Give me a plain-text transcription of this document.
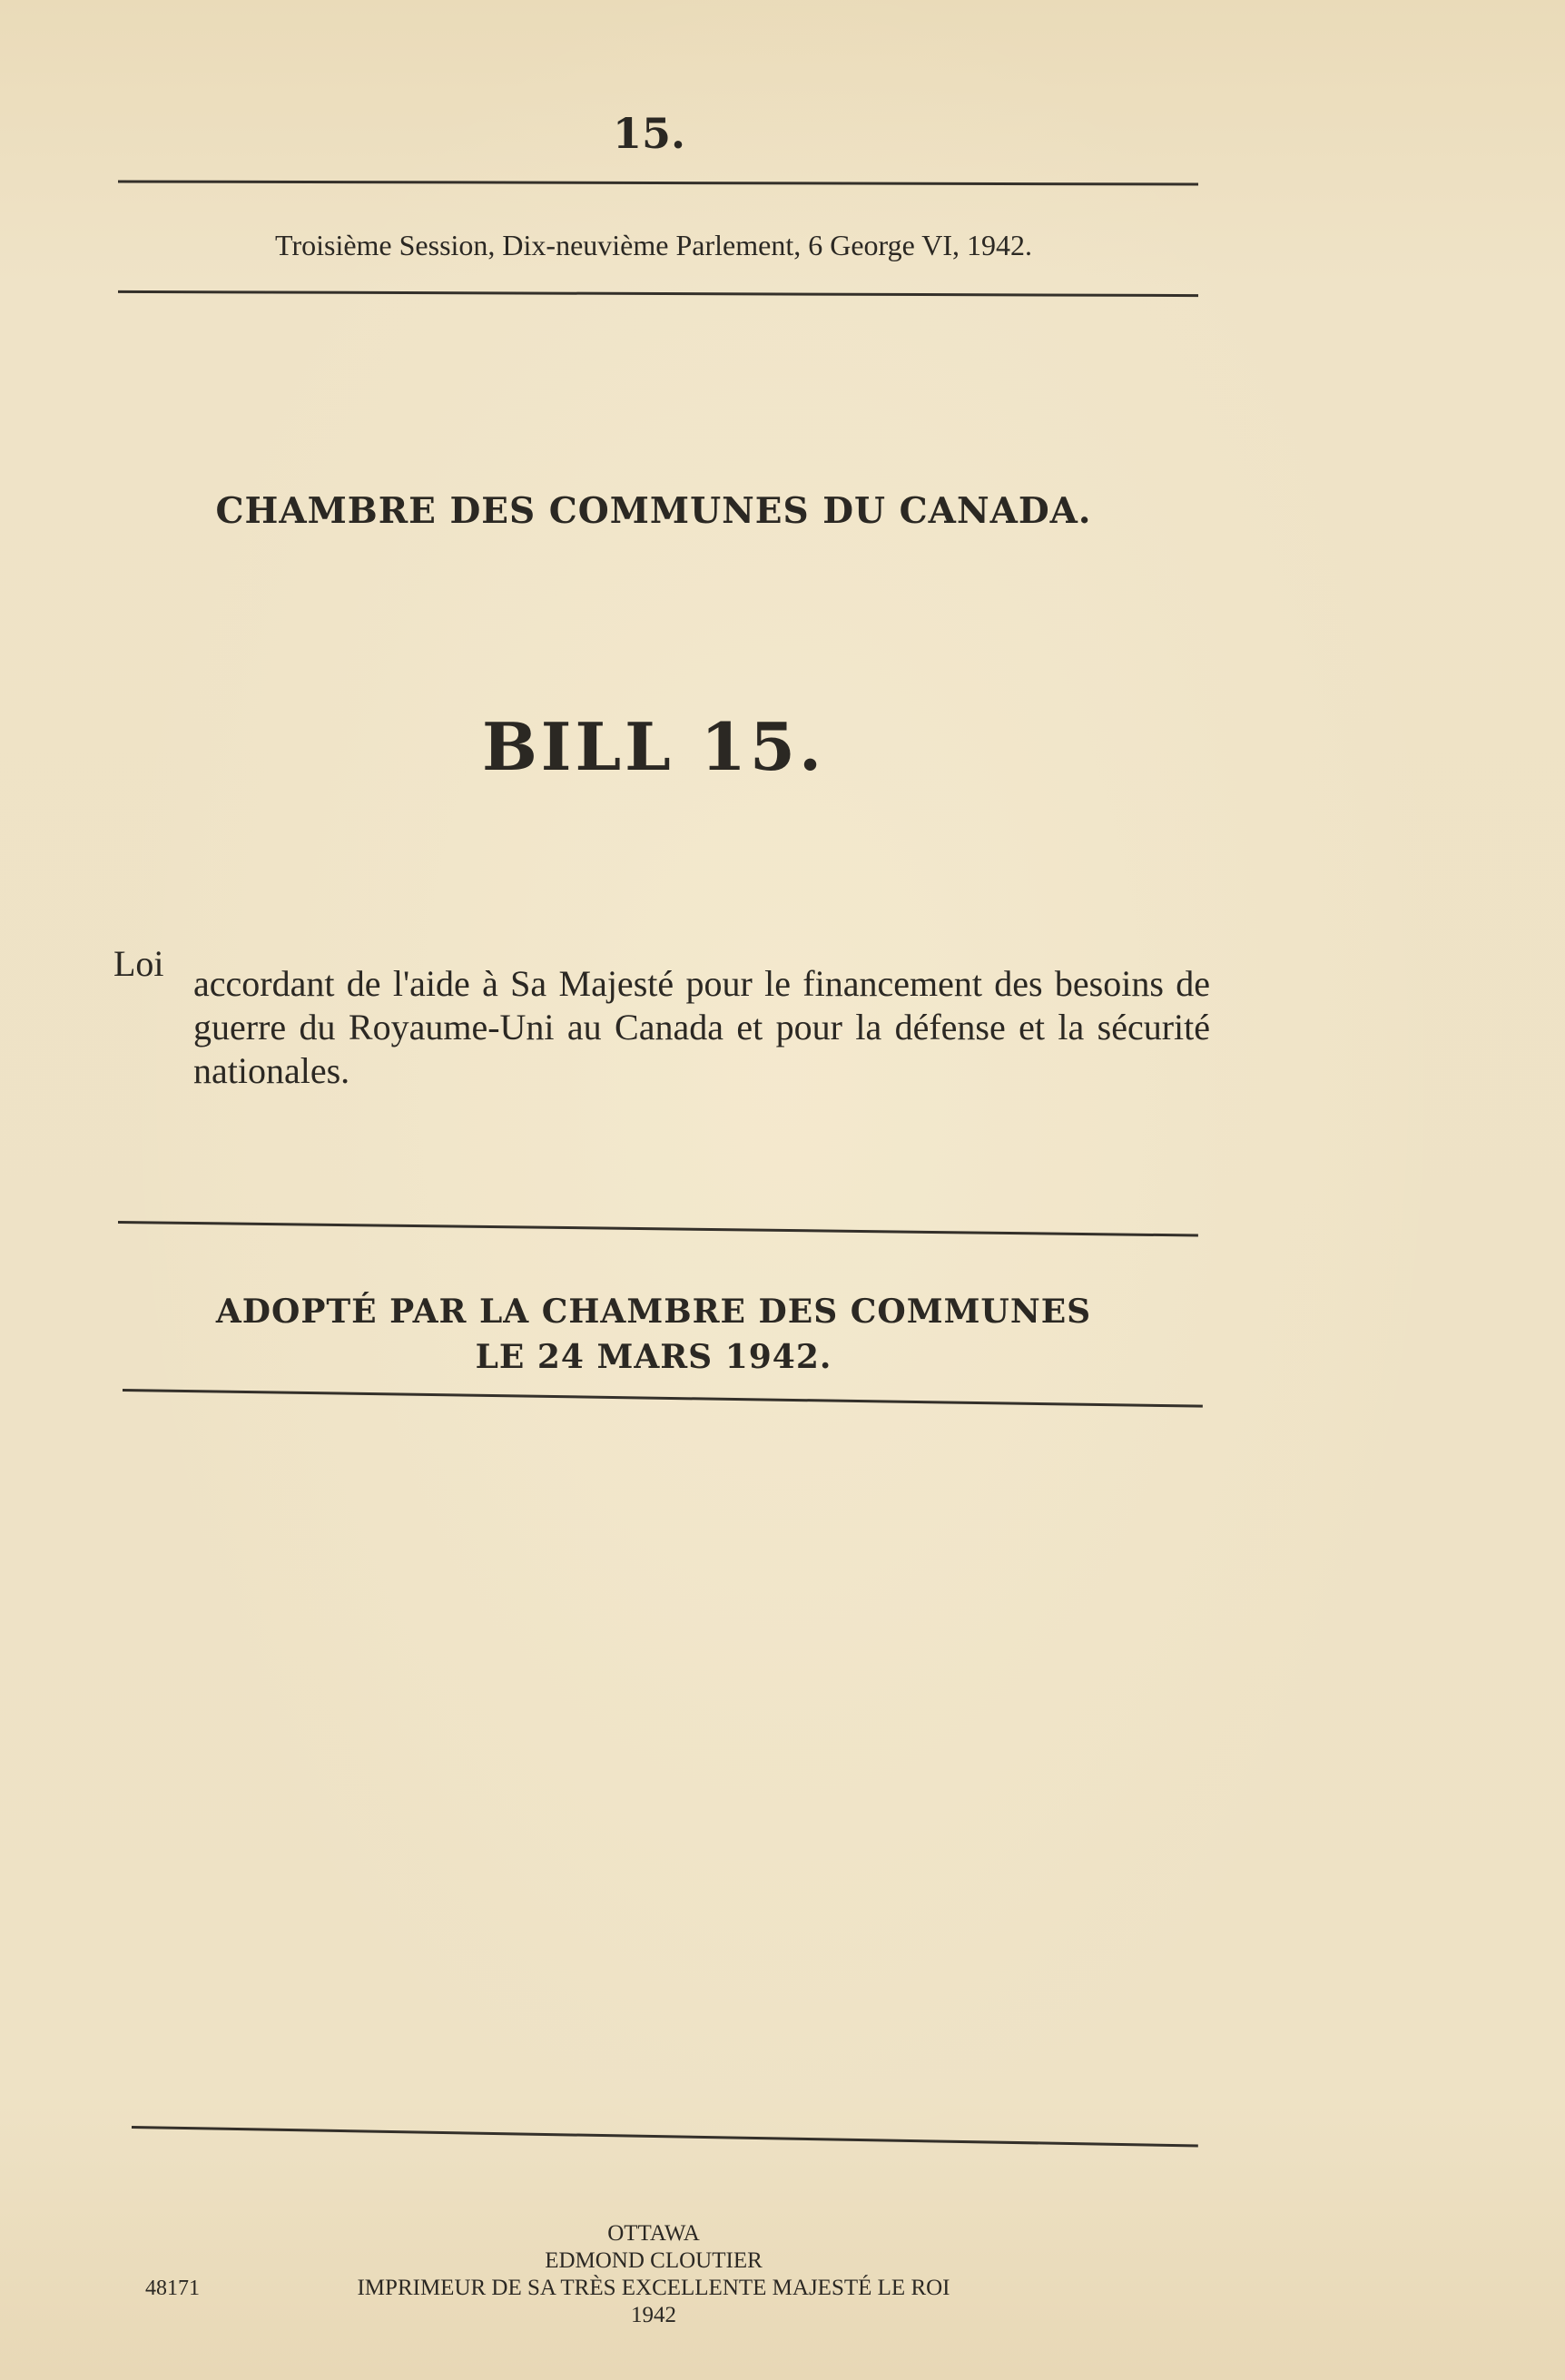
15.
Troisième Session, Dix-neuvième Parlement, 6 George VI, 1942.
CHAMBRE DES COMMUNES DU CANADA.
BILL 15.
Loi accordant de l'aide à Sa Majesté pour le financement des besoins de guerre du Royaume-Uni au Canada et pour la défense et la sécurité nationales.
ADOPTÉ PAR LA CHAMBRE DES COMMUNES
LE 24 MARS 1942.
OTTAWA
EDMOND CLOUTIER
IMPRIMEUR DE SA TRÈS EXCELLENTE MAJESTÉ LE ROI
1942
48171
